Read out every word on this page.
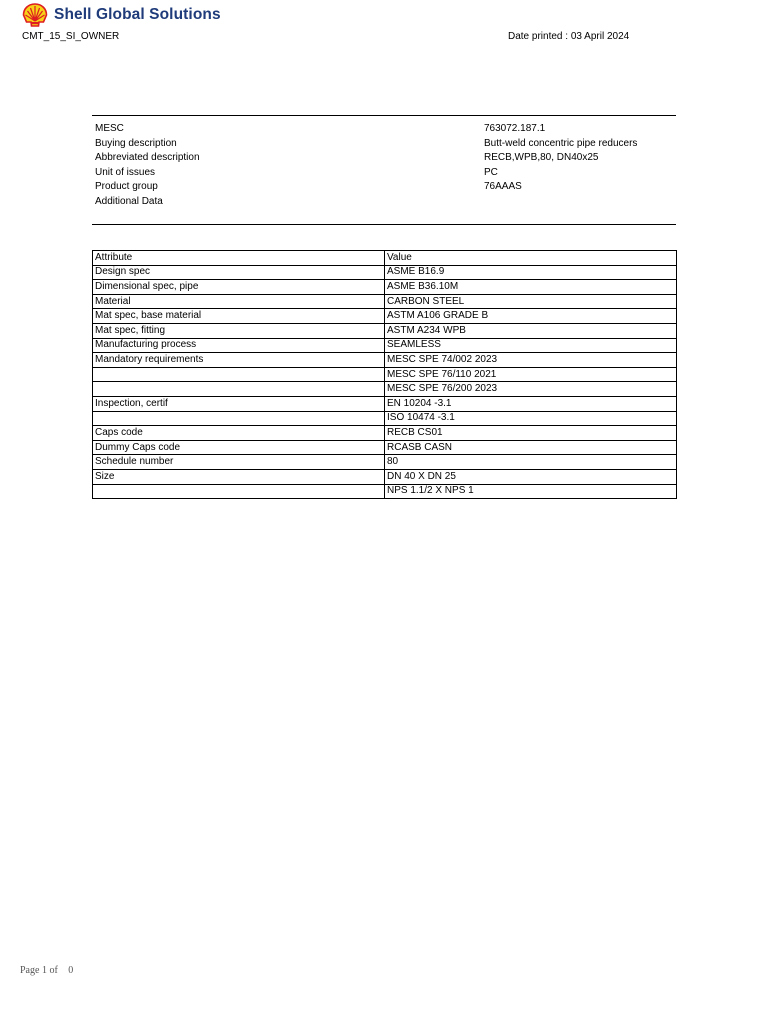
Shell Global Solutions
CMT_15_SI_OWNER	Date printed : 03 April 2024
MESC	763072.187.1
Buying description	Butt-weld concentric pipe reducers
Abbreviated description	RECB,WPB,80, DN40x25
Unit of issues	PC
Product group	76AAAS
Additional Data
Attribute	Value
Design spec	ASME B16.9
Dimensional spec, pipe	ASME B36.10M
Material	CARBON STEEL
Mat spec, base material	ASTM A106 GRADE B
Mat spec, fitting	ASTM A234 WPB
Manufacturing process	SEAMLESS
Mandatory requirements	MESC SPE 74/002 2023
	MESC SPE 76/110 2021
	MESC SPE 76/200 2023
Inspection, certif	EN 10204 -3.1
	ISO 10474 -3.1
Caps code	RECB CS01
Dummy Caps code	RCASB CASN
Schedule number	80
Size	DN 40 X DN 25
	NPS 1.1/2 X NPS 1
Page 1 of 0
